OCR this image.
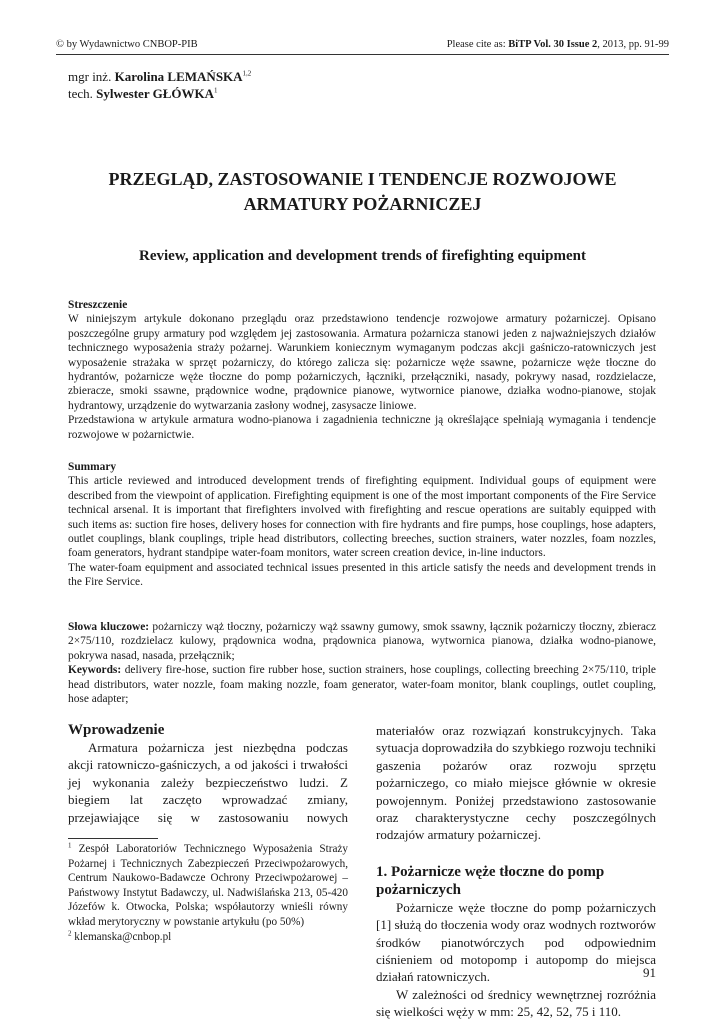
© by Wydawnictwo CNBOP-PIB	Please cite as: BiTP Vol. 30 Issue 2, 2013, pp. 91-99
mgr inż. Karolina LEMAŃSKA$^{1,2}$
tech. Sylwester GŁÓWKA$^1$
PRZEGLĄD, ZASTOSOWANIE I TENDENCJE ROZWOJOWE
ARMATURY POŻARNICZEJ
Review, application and development trends of firefighting equipment

Streszczenie

W niniejszym artykule dokonano przeglądu oraz przedstawiono tendencje rozwojowe armatury pożarniczej. Opisano poszczególne grupy armatury pod względem jej zastosowania. Armatura pożarnicza stanowi jeden z najważniejszych działów technicznego wyposażenia straży pożarnej. Warunkiem koniecznym wymaganym podczas akcji gaśniczo-ratowniczych jest wyposażenie strażaka w sprzęt pożarniczy, do którego zalicza się: pożarnicze węże ssawne, pożarnicze węże tłoczne do hydrantów, pożarnicze węże tłoczne do pomp pożarniczych, łączniki, przełączniki, nasady, pokrywy nasad, rozdzielacze, zbieracze, smoki ssawne, prądownice wodne, prądownice pianowe, wytwornice pianowe, działka wodno-pianowe, stojak hydrantowy, urządzenie do wytwarzania zasłony wodnej, zasysacze liniowe.

Przedstawiona w artykule armatura wodno-pianowa i zagadnienia techniczne ją określające spełniają wymagania i tendencje rozwojowe w pożarnictwie.

Summary

This article reviewed and introduced development trends of firefighting equipment. Individual goups of equipment were described from the viewpoint of application. Firefighting equipment is one of the most important components of the Fire Service technical arsenal. It is important that firefighters involved with firefighting and rescue operations are suitably equipped with such items as: suction fire hoses, delivery hoses for connection with fire hydrants and fire pumps, hose couplings, hose adapters, outlet couplings, blank couplings, triple head distributors, collecting breeches, suction strainers, water nozzles, foam nozzles, foam generators, hydrant standpipe water-foam monitors, water screen creation device, in-line inductors.

The water-foam equipment and associated technical issues presented in this article satisfy the needs and development trends in the Fire Service.

Słowa kluczowe: pożarniczy wąż tłoczny, pożarniczy wąż ssawny gumowy, smok ssawny, łącznik pożarniczy tłoczny, zbieracz 2×75/110, rozdzielacz kulowy, prądownica wodna, prądownica pianowa, wytwornica pianowa, działka wodno-pianowe, pokrywa nasad, nasada, przełącznik;

Keywords: delivery fire-hose, suction fire rubber hose, suction strainers, hose couplings, collecting breeching 2×75/110, triple head distributors, water nozzle, foam making nozzle, foam generator, water-foam monitor, blank couplings, outlet coupling, hose adapter;

Wprowadzenie

Armatura pożarnicza jest niezbędna podczas akcji ratowniczo-gaśniczych, a od jakości i trwałości jej wykonania zależy bezpieczeństwo ludzi. Z biegiem lat zaczęto wprowadzać zmiany, przejawiające się w zastosowaniu nowych

materiałów oraz rozwiązań konstrukcyjnych. Taka sytuacja doprowadziła do szybkiego rozwoju techniki gaszenia pożarów oraz rozwoju sprzętu pożarniczego, co miało miejsce głównie w okresie powojennym. Poniżej przedstawiono zastosowanie oraz charakterystyczne cechy poszczególnych rodzajów armatury pożarniczej.

1. Pożarnicze węże tłoczne do pomp pożarniczych

Pożarnicze węże tłoczne do pomp pożarniczych [1] służą do tłoczenia wody oraz wodnych roztworów środków pianotwórczych pod odpowiednim ciśnieniem od motopomp i autopomp do miejsca działań ratowniczych.

W zależności od średnicy wewnętrznej rozróżnia się wielkości węży w mm: 25, 42, 52, 75 i 110.

$^1$ Zespół Laboratoriów Technicznego Wyposażenia Straży Pożarnej i Technicznych Zabezpieczeń Przeciwpożarowych, Centrum Naukowo-Badawcze Ochrony Przeciwpożarowej – Państwowy Instytut Badawczy, ul. Nadwiślańska 213, 05-420 Józefów k. Otwocka, Polska; współautorzy wnieśli równy wkład merytoryczny w powstanie artykułu (po 50%)

$^2$ klemanska@cnbop.pl

91
